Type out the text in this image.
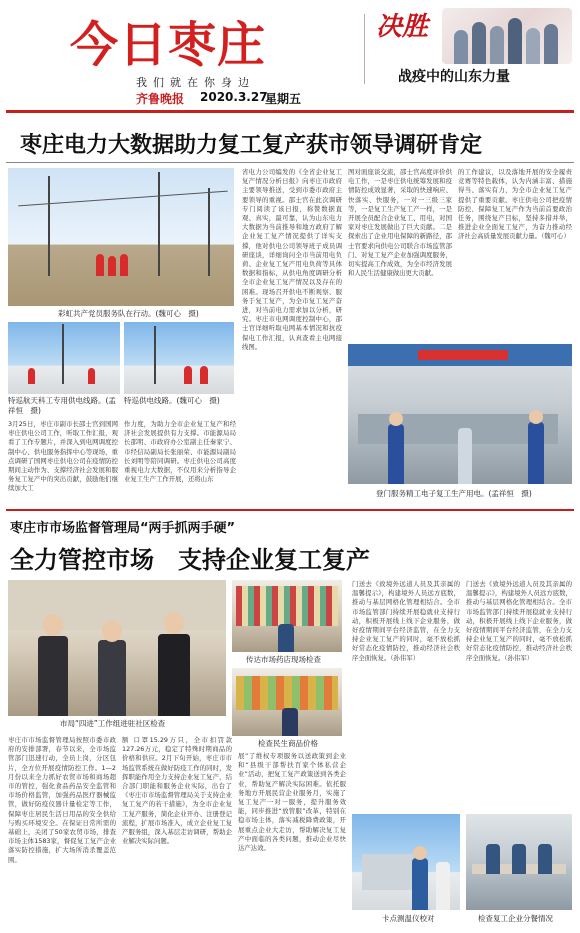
今日枣庄
我们就在你身边
齐鲁晚报 2020.3.27
星期五
决胜
战疫中的山东力量
枣庄电力大数据助力复工复产获市领导调研肯定
彩虹共产党员服务队在行动。(魏可心　摄)
特巡航天科工专用供电线路。(孟祥恒　摄)
特巡供电线路。(魏可心　摄)
3月25日，枣庄市副市长邵士官到国网枣庄供电公司工作，听取工作汇报，观看了工作专题片，并深入到电网调度控制中心、供电服务指挥中心等现场，重点调研了国网枣庄供电公司在疫情防控期间主动作为、支撑经济社会发展和服务复工复产中的突出贡献，鼓励他们继续加大工
作力度，为助力全市企业复工复产和经济社会发展提供有力支撑。市能源局局长邵明、市政府办公室副主任秦家宁、市经信局副局长张丽荣、市能源局副局长刘明等陪同调研。枣庄供电公司高度重视电力大数据，不仅用来分析指导企业复工生产工作开展，还将山东
省电力公司编发的《全省企业复工复产情况分析日报》向枣庄市政府主要领导推送，受到市委市政府主要领导的重视。邵士官在此次调研专门阅读了该日报，称赞数据直观、真实，最可靠，认为山东电力大数据为当前推导和地方政府了解企业复工复产情况提供了详实支撑，他对供电公司领导班子成员调研座谈，详细询问全市当前用电负荷、企业复工复产用电负荷等具体数据和指标，从供电角度调研分析全市企业复工复产情况以及存在的困难。现场召开供电不断观察、服务于复工复产，为全市复工复产奋进，对当前电力需求加以分析，研究。枣庄市电网调度控制中心，邵士官详细听取电网基本情况和抗疫保电工作汇报，认真查看主电网接线图。
图对面座谈交流，邵士官高度评价供电工作，一是枣庄供电统筹发展和疫情防控成效显著，采取的快速响应、快落实、快服务，一对一三级三家等，一是复工生产复工产一样，一是开展全员配合企业复工、用电，对国家对枣庄发展做出了巨大贡献。二是探索出了企业用电保障的新路径，邵士官要求向供电公司联合市场监管部门、对复工复产企业加强调度服务，切实提高工作成效，为全市经济发展和人民生活健康做出更大贡献。
的工作建议，以及落地开展的安全履责竞赛等特色载体，认为内涵丰富、措施得当、落实有力，为全市企业复工复产提供了重要贡献。枣庄供电公司把疫情防控、保障复工复产作为当前首要政治任务，围绕复产目标，坚持多措并举，推进企业全面复工复产，为奋力推动经济社会高质量发展贡献力量。（魏可心）
登门服务精工电子复工生产用电。(孟祥恒　摄)
枣庄市市场监督管理局“两手抓两手硬”
全力管控市场　支持企业复工复产
市局“四进”工作组进驻社区检查
传达市场药店现场检查
检查民生商品价格
枣庄市市场监督管理局按照市委市政府的安排部署，春节以来，全市场监管部门迅速行动，全员上岗，分区包片，全方位开展疫情防控工作。1—2月份以来全力抓好农贸市场和商场超市的管控，强化食品药品安全监管和市场价格监管，加强药品医疗器械监管，做好防疫仪器计量检定等工作，保障枣庄居民生活日用品的安全供给与购买环境安全。在保证日常所需的基础上，关闭了50家农贸市场，排查市场主体1583家，督促复工复产企业落实防控措施，扩大场所消杀覆盖范围。
额 口罩15.29万只，全市扣罚款127.26万元，稳定了特殊时期商品的价格和供应。2月下旬开始，枣庄市市场监管系统在做好防疫工作的同时，发挥职能作用全力支持企业复工复产，结合部门职能和服务企业实际，出台了《枣庄市市场监督管理局关于支持企业复工复产的若干措施》，为全市企业复工复产服务，简化企业开办、注册登记流程，扩展市场准入，成立企业复工复产服务组，深入基层走访调研，帮助企业解决实际问题。
展”了维权专项服务以送政策到企业和“县级干部帮扶百家个体私营企业”活动，把复工复产政策送到各类企业，帮助复产解决实际困难。依托服务地方开展民营企业服务月，实施了复工复产一对一服务，提升服务效能，同步推进“放管服”改革，特别在稳市场主体，落实减税降费政策，开展重点企业大走访，帮助解决复工复产中面临的各类问题，推动企业尽快达产达效。
门送去《致境外远道人员及其亲属的温馨提示》，构建境外人员远方底数，推动与基层网格化管理相结合。全市市场监管部门持续开展稳就业支持行动，积极开展线上线下企业服务，做好疫情期间平台经济监管，在全力支持企业复工复产的同时，毫不放松抓好常态化疫情防控，推动经济社会秩序全面恢复。（孙伟军）
门送去《致境外远道人员及其亲属的温馨提示》，构建境外人员远方底数，推动与基层网格化管理相结合。全市市场监管部门持续开展稳就业支持行动，积极开展线上线下企业服务，做好疫情期间平台经济监管，在全力支持企业复工复产的同时，毫不放松抓好常态化疫情防控，推动经济社会秩序全面恢复。（孙伟军）
卡点测温仪校对	检查复工企业分餐情况
